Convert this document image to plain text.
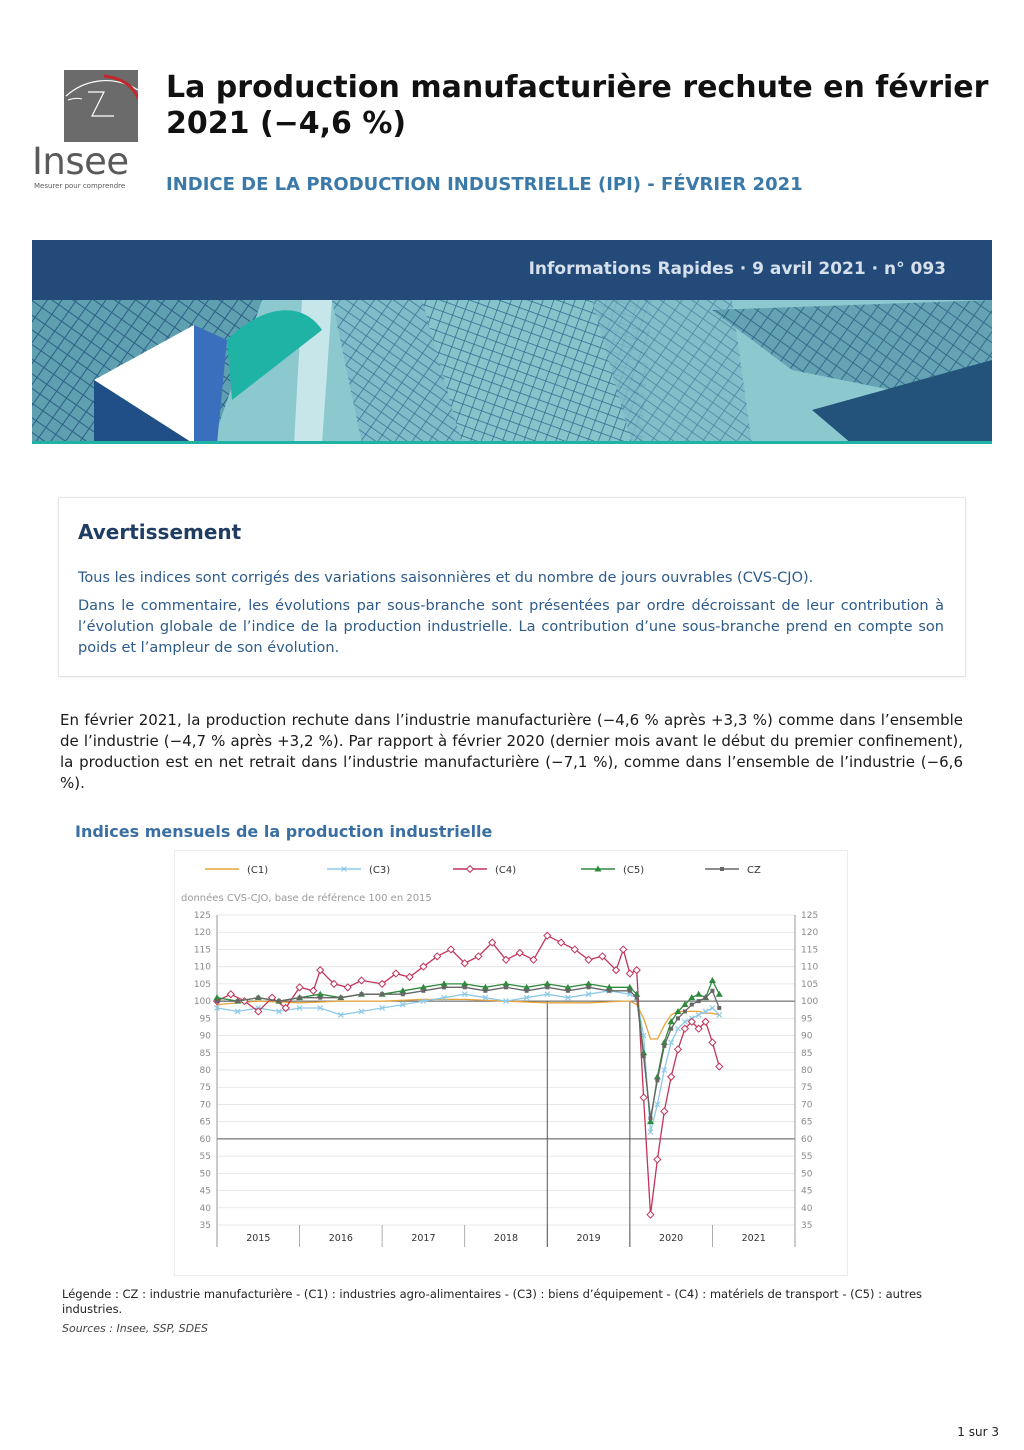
Insee
Mesurer pour comprendre
La production manufacturière rechute en février 2021 (−4,6 %)

INDICE DE LA PRODUCTION INDUSTRIELLE (IPI) - FÉVRIER 2021

Informations Rapides · 9 avril 2021 · n° 093
Avertissement

Tous les indices sont corrigés des variations saisonnières et du nombre de jours ouvrables (CVS-CJO).

Dans le commentaire, les évolutions par sous-branche sont présentées par ordre décroissant de leur contribution à l’évolution globale de l’indice de la production industrielle. La contribution d’une sous-branche prend en compte son poids et l’ampleur de son évolution.

En février 2021, la production rechute dans l’industrie manufacturière (−4,6 % après +3,3 %) comme dans l’ensemble de l’industrie (−4,7 % après +3,2 %). Par rapport à février 2020 (dernier mois avant le début du premier confinement), la production est en net retrait dans l’industrie manufacturière (−7,1 %), comme dans l’ensemble de l’industrie (−6,6 %).

Indices mensuels de la production industrielle

125	125
120	120
115	115
110	110
105	105
100	100
95	95
90	90
85	85
80	80
75	75
70	70
65	65
60	60
55	55
50	50
45	45
40	40
35	35
2015	2016	2017	2018	2019	2020	2021
données CVS-CJO, base de référence 100 en 2015
(C1)	(C3)	(C4)	(C5)	CZ

Légende : CZ : industrie manufacturière - (C1) : industries agro-alimentaires - (C3) : biens d’équipement - (C4) : matériels de transport - (C5) : autres industries.

Sources : Insee, SSP, SDES

1 sur 3
